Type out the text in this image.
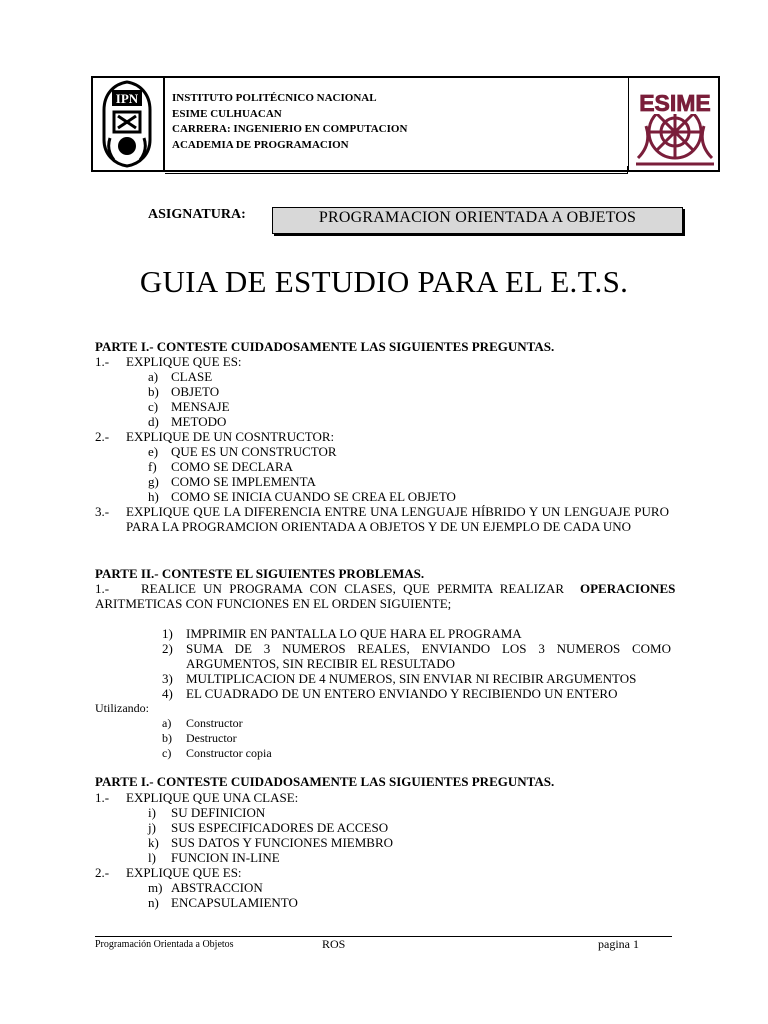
IPN	INSTITUTO POLITÉCNICO NACIONAL
ESIME CULHUACAN
CARRERA: INGENIERIO EN COMPUTACION
ACADEMIA DE PROGRAMACION
ESIME
ASIGNATURA:	PROGRAMACION ORIENTADA A OBJETOS
GUIA DE ESTUDIO PARA EL E.T.S.
PARTE I.- CONTESTE CUIDADOSAMENTE LAS SIGUIENTES PREGUNTAS.
1.- EXPLIQUE QUE ES:
a) CLASE
b) OBJETO
c) MENSAJE
d) METODO
2.- EXPLIQUE DE UN COSNTRUCTOR:
e) QUE ES UN CONSTRUCTOR
f) COMO SE DECLARA
g) COMO SE IMPLEMENTA
h) COMO SE INICIA CUANDO SE CREA EL OBJETO
3.- EXPLIQUE QUE LA DIFERENCIA ENTRE UNA LENGUAJE HÍBRIDO Y UN LENGUAJE PURO
PARA LA PROGRAMCION ORIENTADA A OBJETOS Y DE UN EJEMPLO DE CADA UNO
PARTE II.- CONTESTE EL SIGUIENTES PROBLEMAS.
1.- REALICE UN PROGRAMA CON CLASES, QUE PERMITA REALIZAR OPERACIONES
ARITMETICAS CON FUNCIONES EN EL ORDEN SIGUIENTE;
1) IMPRIMIR EN PANTALLA LO QUE HARA EL PROGRAMA
2) SUMA DE 3 NUMEROS REALES, ENVIANDO LOS 3 NUMEROS COMO
ARGUMENTOS, SIN RECIBIR EL RESULTADO
3) MULTIPLICACION DE 4 NUMEROS, SIN ENVIAR NI RECIBIR ARGUMENTOS
4) EL CUADRADO DE UN ENTERO ENVIANDO Y RECIBIENDO UN ENTERO
Utilizando:
a) Constructor
b) Destructor
c) Constructor copia
PARTE I.- CONTESTE CUIDADOSAMENTE LAS SIGUIENTES PREGUNTAS.
1.- EXPLIQUE QUE UNA CLASE:
i) SU DEFINICION
j) SUS ESPECIFICADORES DE ACCESO
k) SUS DATOS Y FUNCIONES MIEMBRO
l) FUNCION IN-LINE
2.- EXPLIQUE QUE ES:
m) ABSTRACCION
n) ENCAPSULAMIENTO
Programación Orientada a Objetos	ROS	pagina 1
